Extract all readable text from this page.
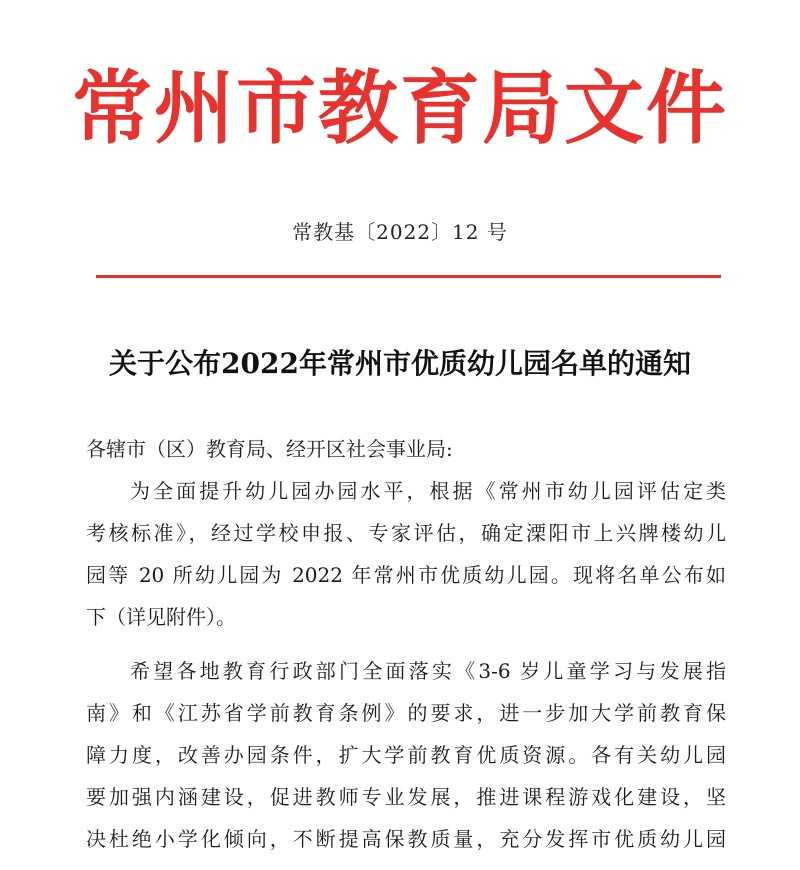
常州市教育局文件
常教基〔2022〕12 号
关于公布2022年常州市优质幼儿园名单的通知
各辖市（区）教育局、经开区社会事业局:
为全面提升幼儿园办园水平，根据《常州市幼儿园评估定类
考核标准》，经过学校申报、专家评估，确定溧阳市上兴牌楼幼儿
园等 20 所幼儿园为 2022 年常州市优质幼儿园。现将名单公布如
下（详见附件）。
希望各地教育行政部门全面落实《3-6 岁儿童学习与发展指
南》和《江苏省学前教育条例》的要求，进一步加大学前教育保
障力度，改善办园条件，扩大学前教育优质资源。各有关幼儿园
要加强内涵建设，促进教师专业发展，推进课程游戏化建设，坚
决杜绝小学化倾向，不断提高保教质量，充分发挥市优质幼儿园
